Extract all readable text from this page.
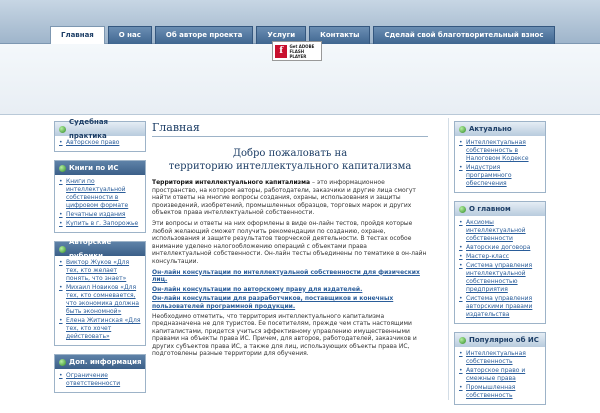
Главная	О нас	Об авторе проекта	Услуги	Контакты	Сделай свой благотворительный взнос
f	Get ADOBE
FLASH PLAYER
Судебная практика
• Авторское право
Книги по ИС
• Книги по интеллектуальной собственности в цифровом формате
• Печатные издания
• Купить в г. Запорожье
Авторские рубрики
• Виктор Жуков «Для тех, кто желает понять, что знает»
• Михаил Новиков «Для тех, кто сомневается, что экономика должна быть экономной»
• Елена Житинская «Для тех, кто хочет действовать»
Доп. информация
• Ограничение ответственности
Главная
Добро пожаловать на
территорию интеллектуального капитализма

Территория интеллектуального капитализма – это информационное пространство, на котором авторы, работодатели, заказчики и другие лица смогут найти ответы на многие вопросы создания, охраны, использования и защиты произведений, изобретений, промышленных образцов, торговых марок и других объектов права интеллектуальной собственности.

Эти вопросы и ответы на них оформлены в виде он-лайн тестов, пройдя которые любой желающий сможет получить рекомендации по созданию, охране, использования и защите результатов творческой деятельности. В тестах особое внимание уделено налогообложению операций с объектами права интеллектуальной собственности. Он-лайн тесты объединены по тематике в он-лайн консультации.

Он-лайн консультации по интеллектуальной собственности для физических лиц.
Он-лайн консультации по авторскому праву для издателей.
Он-лайн консультации для разработчиков, поставщиков и конечных пользователей программной продукции.

Необходимо отметить, что территория интеллектуального капитализма предназначена не для туристов. Ее посетителям, прежде чем стать настоящими капиталистами, придется учиться эффективному управлению имущественными правами на объекты права ИС. Причем, для авторов, работодателей, заказчиков и других субъектов права ИС, а также для лиц, использующих объекты права ИС, подготовлены разные территории для обучения.

Актуально
• Интеллектуальная собственность в Налоговом Кодексе
• Индустрия программного обеспечения
О главном
• Аксиомы интеллектуальной собственности
• Авторские договора
• Мастер-класс
• Система управления интеллектуальной собственностью предприятия
• Система управления авторскими правами издательства
Популярно об ИС
• Интеллектуальная собственность
• Авторское право и смежные права
• Промышленная собственность
